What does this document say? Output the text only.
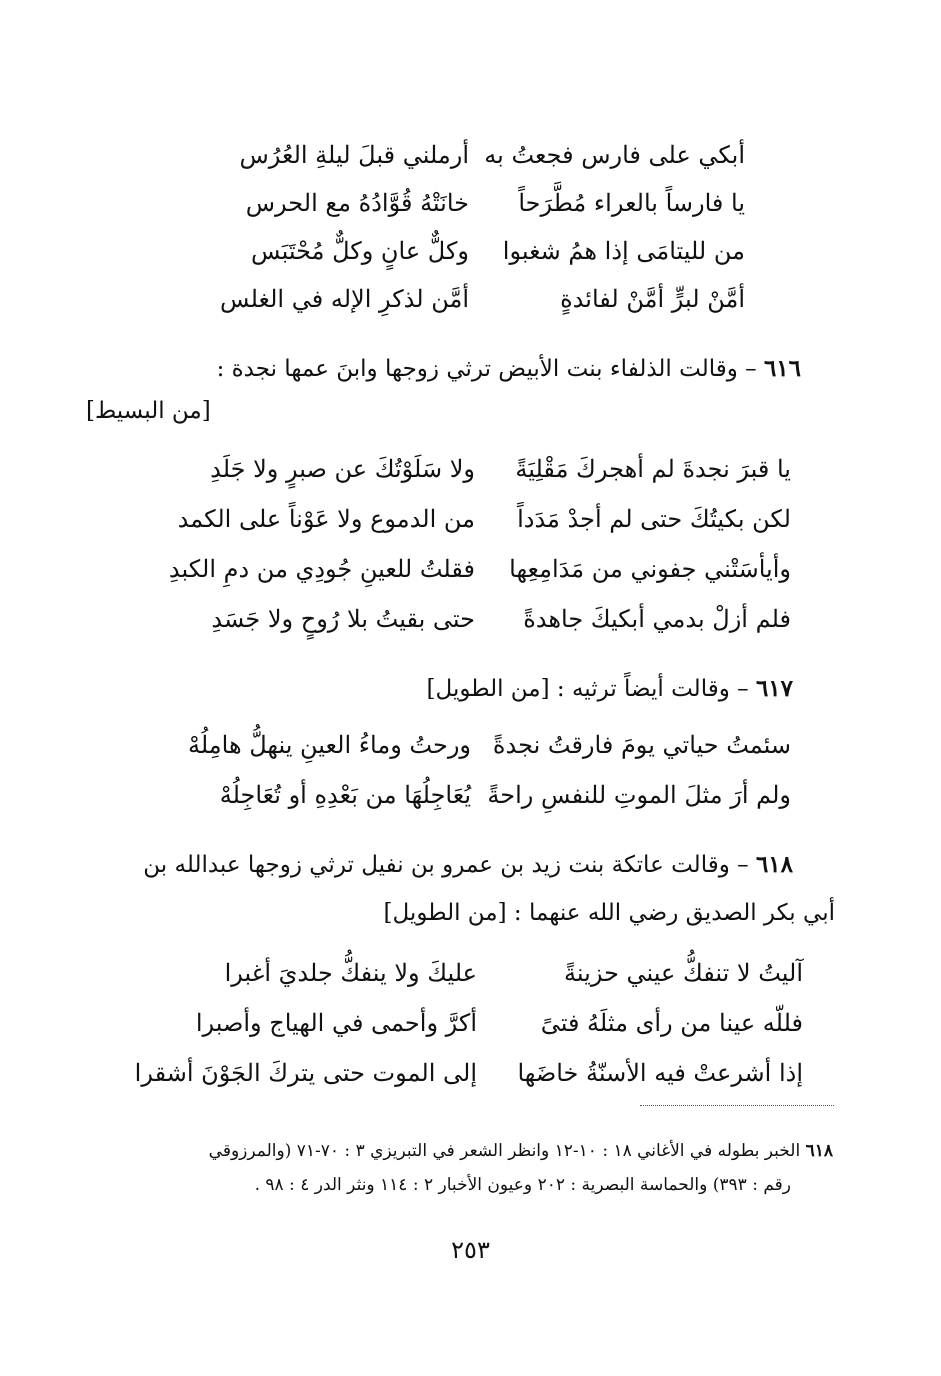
أبكي على فارس فجعتُ به
أرملني قبلَ ليلةِ العُرُس
يا فارساً بالعراء مُطَّرَحاً
خانَتْهُ قُوَّادُهُ مع الحرس
من لليتامَى إذا همُ شغبوا
وكلٌّ عانٍ وكلٌّ مُحْتَبَس
أمَّنْ لبرٍّ أمَّنْ لفائدةٍ
أمَّن لذكرِ الإله في الغلس
٦١٦ – وقالت الذلفاء بنت الأبيض ترثي زوجها وابنَ عمها نجدة :
[من البسيط]
يا قبرَ نجدةَ لم أهجركَ مَقْلِيَةً
ولا سَلَوْتُكَ عن صبرٍ ولا جَلَدِ
لكن بكيتُكَ حتى لم أجدْ مَدَداً
من الدموع ولا عَوْناً على الكمد
وأيأسَتْني جفوني من مَدَامِعِها
فقلتُ للعينِ جُودِي من دمِ الكبدِ
فلم أزلْ بدمي أبكيكَ جاهدةً
حتى بقيتُ بلا رُوحٍ ولا جَسَدِ
٦١٧ – وقالت أيضاً ترثيه : [من الطويل]
سئمتُ حياتي يومَ فارقتُ نجدةً
ورحتُ وماءُ العينِ ينهلُّ هامِلُهْ
ولم أرَ مثلَ الموتِ للنفسِ راحةً
يُعَاجِلُهَا من بَعْدِهِ أو تُعَاجِلُهْ
٦١٨ – وقالت عاتكة بنت زيد بن عمرو بن نفيل ترثي زوجها عبدالله بن
أبي بكر الصديق رضي الله عنهما : [من الطويل]
آليتُ لا تنفكُّ عيني حزينةً
عليكَ ولا ينفكُّ جلديَ أغبرا
فللّه عينا من رأى مثلَهُ فتىً
أكرَّ وأحمى في الهياج وأصبرا
إذا أشرعتْ فيه الأسنّةُ خاضَها
إلى الموت حتى يتركَ الجَوْنَ أشقرا
٦١٨ الخبر بطوله في الأغاني ١٨ : ١٠-١٢ وانظر الشعر في التبريزي ٣ : ٧٠-٧١ (والمرزوقي
رقم : ٣٩٣) والحماسة البصرية : ٢٠٢ وعيون الأخبار ٢ : ١١٤ ونثر الدر ٤ : ٩٨ .
٢٥٣
